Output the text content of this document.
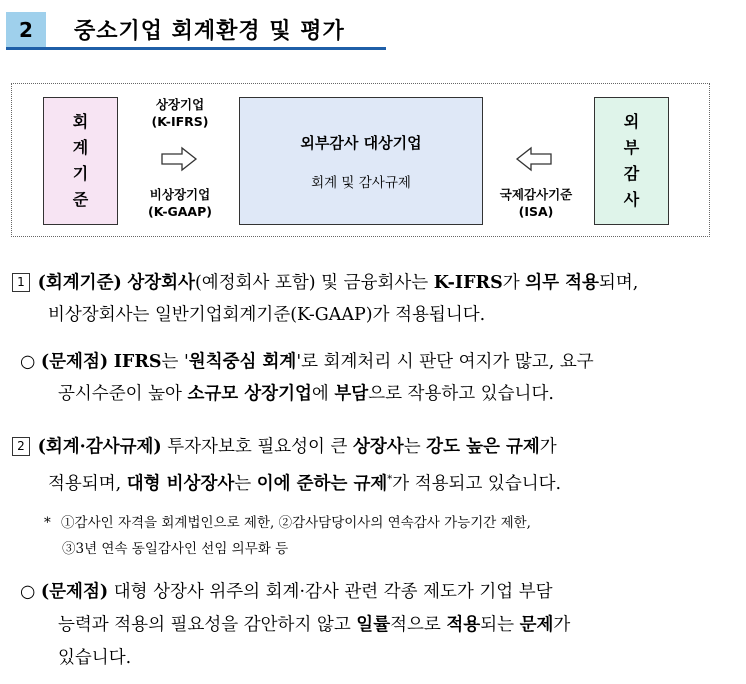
2	중소기업 회계환경 및 평가
회
계
기
준
상장기업
(K-IFRS)
비상장기업
(K-GAAP)
외부감사 대상기업
회계 및 감사규제
국제감사기준
(ISA)
외
부
감
사
1 (회계기준) 상장회사(예정회사 포함) 및 금융회사는 K-IFRS가 의무 적용되며,
비상장회사는 일반기업회계기준(K-GAAP)가 적용됩니다.
○ (문제점) IFRS는 '원칙중심 회계'로 회계처리 시 판단 여지가 많고, 요구
공시수준이 높아 소규모 상장기업에 부담으로 작용하고 있습니다.
2 (회계·감사규제) 투자자보호 필요성이 큰 상장사는 강도 높은 규제가
적용되며, 대형 비상장사는 이에 준하는 규제*가 적용되고 있습니다.
* ①감사인 자격을 회계법인으로 제한, ②감사담당이사의 연속감사 가능기간 제한,
③3년 연속 동일감사인 선임 의무화 등
○ (문제점) 대형 상장사 위주의 회계·감사 관련 각종 제도가 기업 부담
능력과 적용의 필요성을 감안하지 않고 일률적으로 적용되는 문제가
있습니다.
